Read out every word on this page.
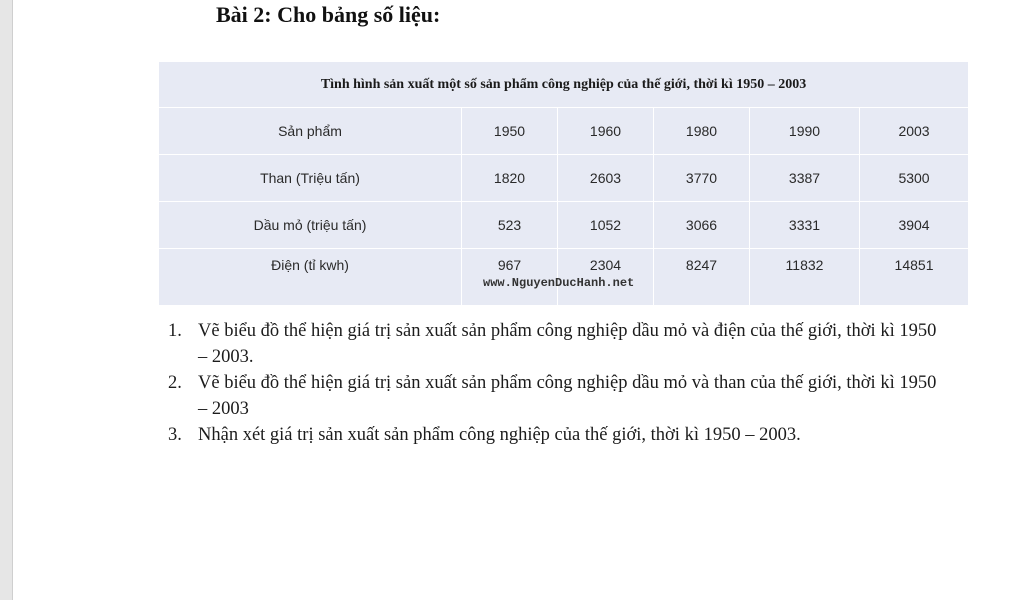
Bài 2: Cho bảng số liệu:
Tình hình sản xuất một số sản phẩm công nghiệp của thế giới, thời kì 1950 – 2003					
Sản phẩm	1950	1960	1980	1990	2003
Than (Triệu tấn)	1820	2603	3770	3387	5300
Dầu mỏ (triệu tấn)	523	1052	3066	3331	3904
Điện (tỉ kwh)	967	2304	8247	11832	14851
www.NguyenDucHanh.net
1. Vẽ biểu đồ thể hiện giá trị sản xuất sản phẩm công nghiệp dầu mỏ và điện của thế giới, thời kì 1950 – 2003.
2. Vẽ biểu đồ thể hiện giá trị sản xuất sản phẩm công nghiệp dầu mỏ và than của thế giới, thời kì 1950 – 2003
3. Nhận xét giá trị sản xuất sản phẩm công nghiệp của thế giới, thời kì 1950 – 2003.
